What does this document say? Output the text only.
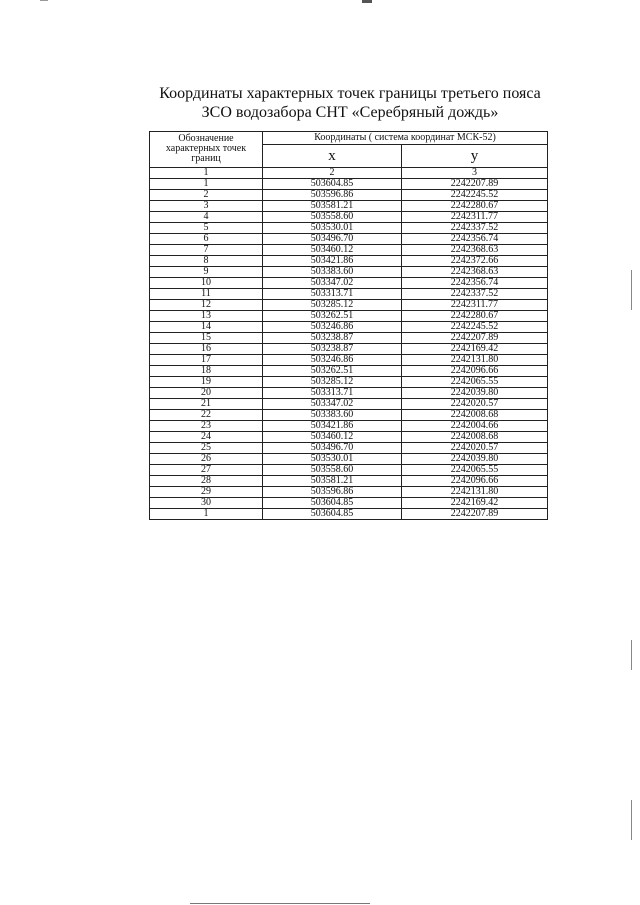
Координаты характерных точек границы третьего пояса
ЗСО водозабора СНТ «Серебряный дождь»
Обозначение характерных точек границ	Координаты ( система координат МСК-52)	
	х	у
1	2	3
1	503604.85	2242207.89
2	503596.86	2242245.52
3	503581.21	2242280.67
4	503558.60	2242311.77
5	503530.01	2242337.52
6	503496.70	2242356.74
7	503460.12	2242368.63
8	503421.86	2242372.66
9	503383.60	2242368.63
10	503347.02	2242356.74
11	503313.71	2242337.52
12	503285.12	2242311.77
13	503262.51	2242280.67
14	503246.86	2242245.52
15	503238.87	2242207.89
16	503238.87	2242169.42
17	503246.86	2242131.80
18	503262.51	2242096.66
19	503285.12	2242065.55
20	503313.71	2242039.80
21	503347.02	2242020.57
22	503383.60	2242008.68
23	503421.86	2242004.66
24	503460.12	2242008.68
25	503496.70	2242020.57
26	503530.01	2242039.80
27	503558.60	2242065.55
28	503581.21	2242096.66
29	503596.86	2242131.80
30	503604.85	2242169.42
1	503604.85	2242207.89
